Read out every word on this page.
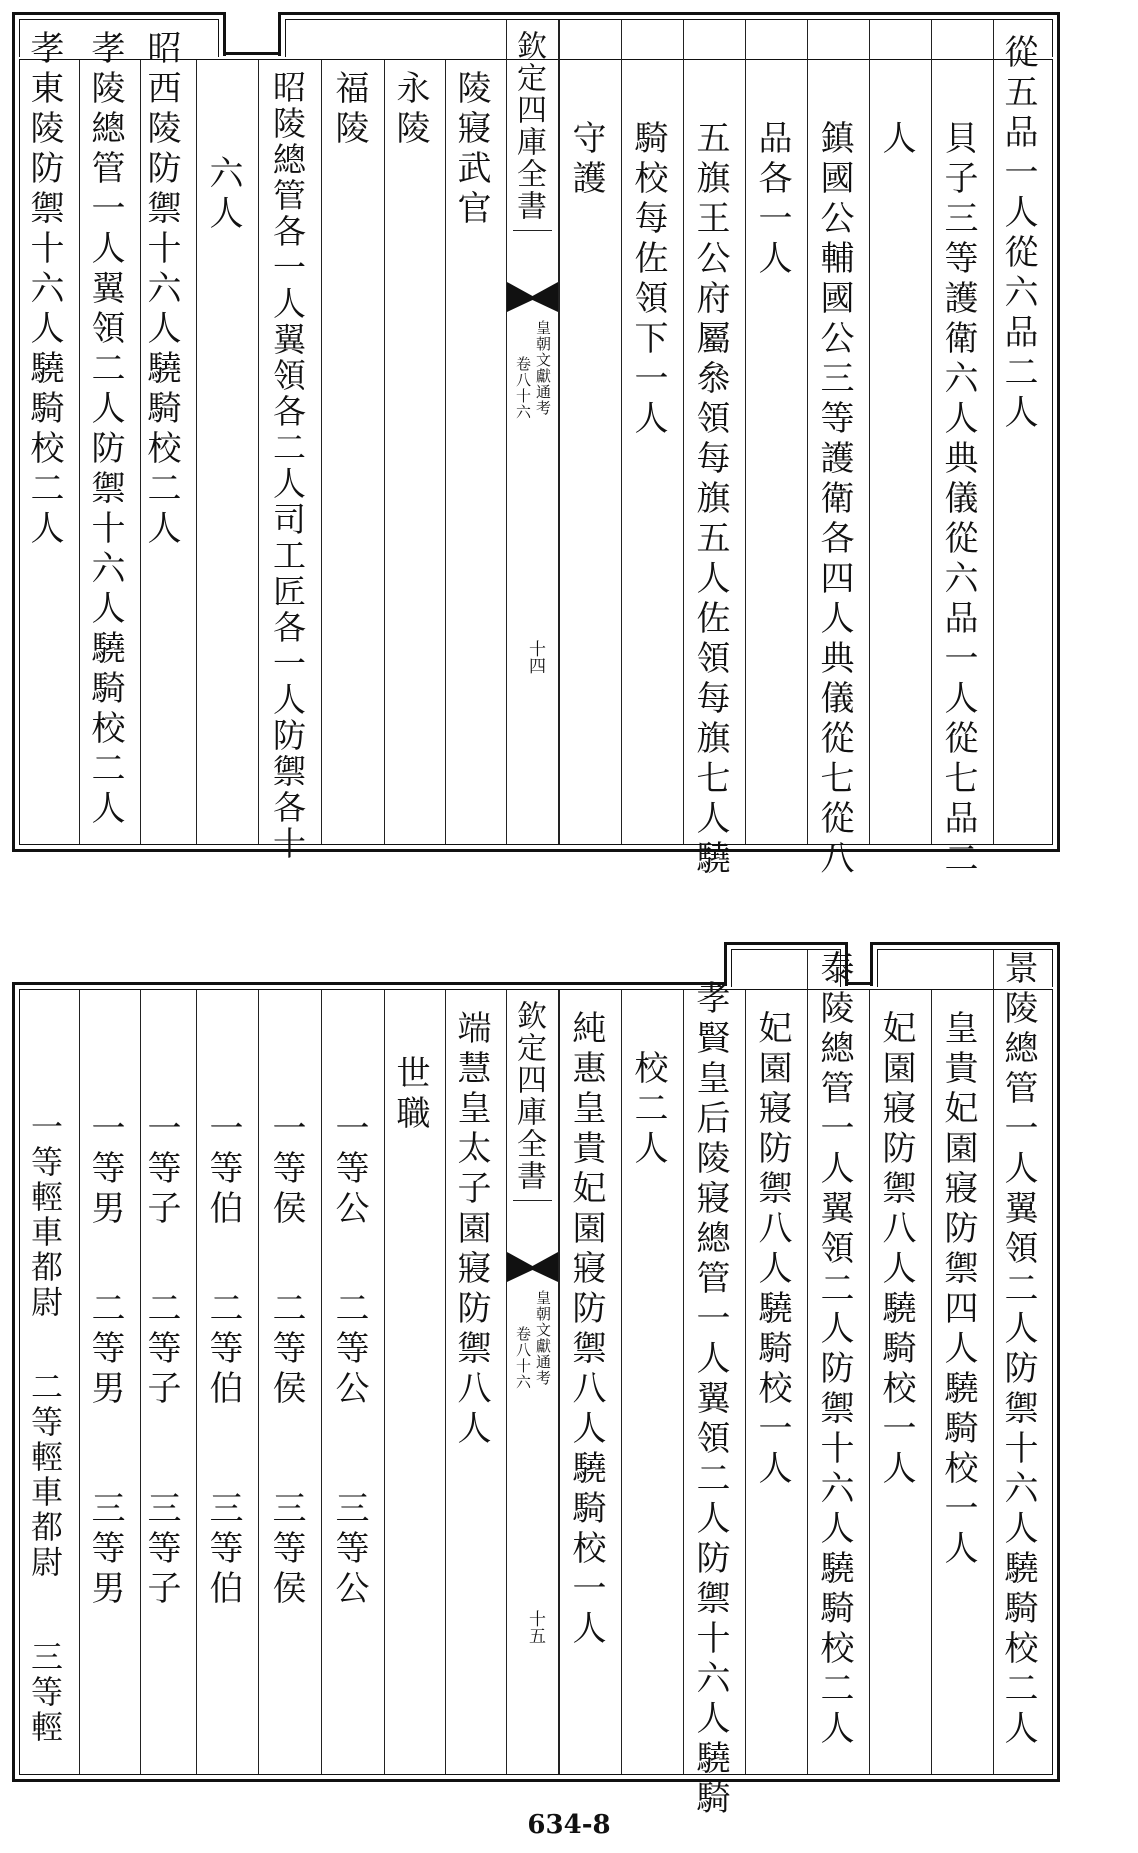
從五品一人從六品二人
貝子三等護衛六人典儀從六品一人從七品二
人
鎮國公輔國公三等護衛各四人典儀從七從八
品各一人
五旗王公府屬叅領每旗五人佐領每旗七人驍
騎校每佐領下一人
守護
欽定四庫全書
皇朝文獻通考
卷八十六
十四
陵寢武官
永陵
福陵
昭陵總管各一人翼領各二人司工匠各一人防禦各十
六人
昭西陵防禦十六人驍騎校二人
孝陵總管一人翼領二人防禦十六人驍騎校二人
孝東陵防禦十六人驍騎校二人
景陵總管一人翼領二人防禦十六人驍騎校二人
皇貴妃園寢防禦四人驍騎校一人
妃園寢防禦八人驍騎校一人
泰陵總管一人翼領二人防禦十六人驍騎校二人
妃園寢防禦八人驍騎校一人
孝賢皇后陵寢總管一人翼領二人防禦十六人驍騎
校二人
純惠皇貴妃園寢防禦八人驍騎校一人
欽定四庫全書
皇朝文獻通考
卷八十六
十五
端慧皇太子園寢防禦八人
世職
一等公
二等公
三等公
一等侯
二等侯
三等侯
一等伯
二等伯
三等伯
一等子
二等子
三等子
一等男
二等男
三等男
一等輕車都尉
二等輕車都尉
三等輕
634-8
